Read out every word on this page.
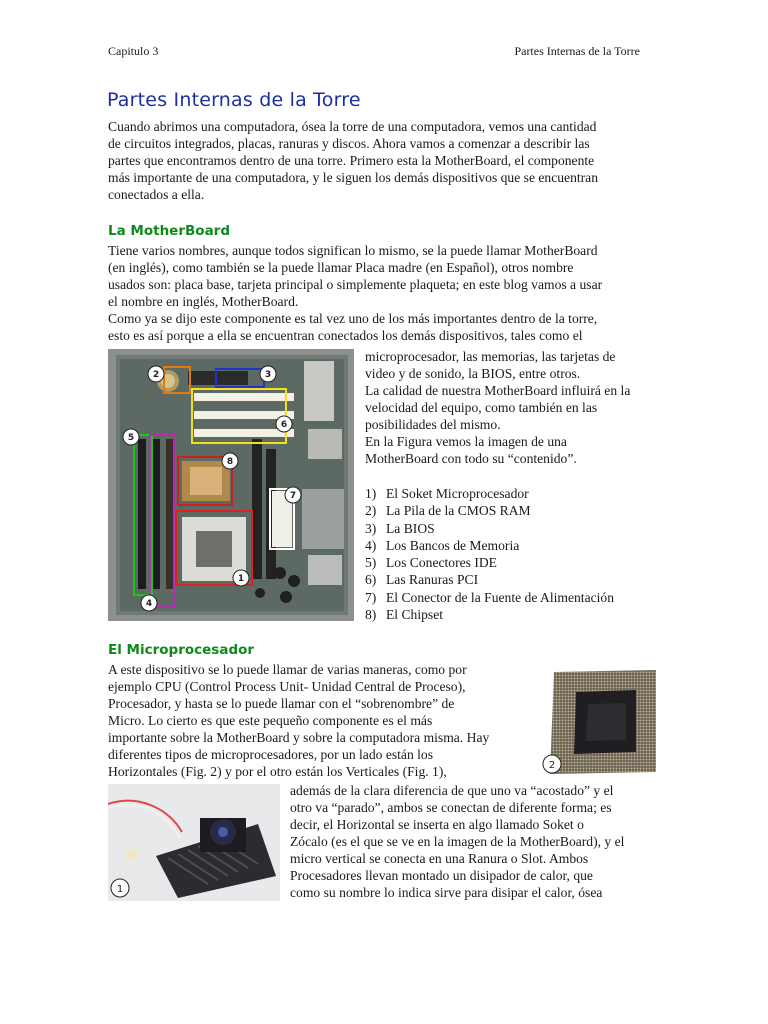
Capitulo 3	Partes Internas de la Torre
Partes Internas de la Torre
Cuando abrimos una computadora, ósea la torre de una computadora, vemos una cantidad
de circuitos integrados, placas, ranuras y discos. Ahora vamos a comenzar a describir las
partes que encontramos dentro de una torre. Primero esta la MotherBoard, el componente
más importante de una computadora, y le siguen los demás dispositivos que se encuentran
conectados a ella.
La MotherBoard
Tiene varios nombres, aunque todos significan lo mismo, se la puede llamar MotherBoard
(en inglés), como también se la puede llamar Placa madre (en Español), otros nombre
usados son: placa base, tarjeta principal o simplemente plaqueta; en este blog vamos a usar
el nombre en inglés, MotherBoard.
Como ya se dijo este componente es tal vez uno de los más importantes dentro de la torre,
esto es así porque a ella se encuentran conectados los demás dispositivos, tales como el
1
2	3
4
5
6
7
8
microprocesador, las memorias, las tarjetas de
video y de sonido, la BIOS, entre otros.
La calidad de nuestra MotherBoard influirá en la
velocidad del equipo, como también en las
posibilidades del mismo.
En la Figura vemos la imagen de una
MotherBoard con todo su “contenido”.
1) El Soket Microprocesador
2) La Pila de la CMOS RAM
3) La BIOS
4) Los Bancos de Memoria
5) Los Conectores IDE
6) Las Ranuras PCI
7) El Conector de la Fuente de Alimentación
8) El Chipset
El Microprocesador
A este dispositivo se lo puede llamar de varias maneras, como por
ejemplo CPU (Control Process Unit- Unidad Central de Proceso),
Procesador, y hasta se lo puede llamar con el “sobrenombre” de
Micro. Lo cierto es que este pequeño componente es el más
importante sobre la MotherBoard y sobre la computadora misma. Hay
diferentes tipos de microprocesadores, por un lado están los
Horizontales (Fig. 2) y por el otro están los Verticales (Fig. 1),	2
1
además de la clara diferencia de que uno va “acostado” y el
otro va “parado”, ambos se conectan de diferente forma; es
decir, el Horizontal se inserta en algo llamado Soket o
Zócalo (es el que se ve en la imagen de la MotherBoard), y el
micro vertical se conecta en una Ranura o Slot. Ambos
Procesadores llevan montado un disipador de calor, que
como su nombre lo indica sirve para disipar el calor, ósea
